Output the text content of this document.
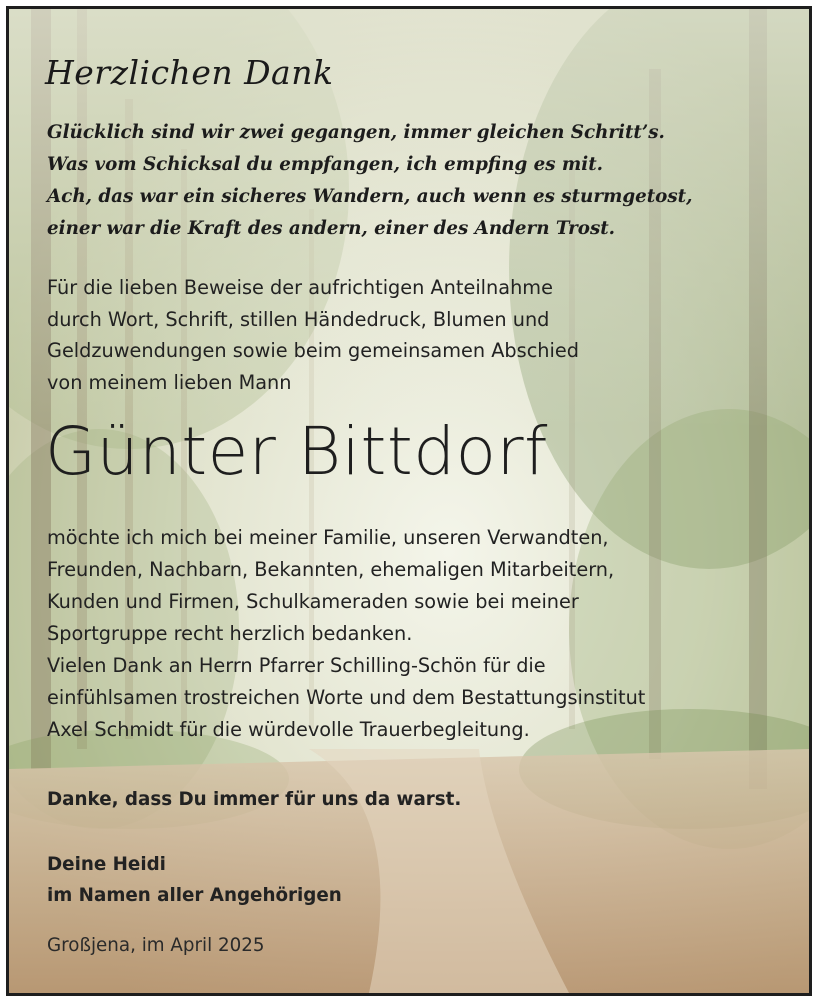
Herzlichen Dank
Glücklich sind wir zwei gegangen, immer gleichen Schritt’s.
Was vom Schicksal du empfangen, ich empfing es mit.
Ach, das war ein sicheres Wandern, auch wenn es sturmgetost,
einer war die Kraft des andern, einer des Andern Trost.
Für die lieben Beweise der aufrichtigen Anteilnahme
durch Wort, Schrift, stillen Händedruck, Blumen und
Geldzuwendungen sowie beim gemeinsamen Abschied
von meinem lieben Mann
Günter Bittdorf
möchte ich mich bei meiner Familie, unseren Verwandten,
Freunden, Nachbarn, Bekannten, ehemaligen Mitarbeitern,
Kunden und Firmen, Schulkameraden sowie bei meiner
Sportgruppe recht herzlich bedanken.
Vielen Dank an Herrn Pfarrer Schilling-Schön für die
einfühlsamen trostreichen Worte und dem Bestattungsinstitut
Axel Schmidt für die würdevolle Trauerbegleitung.
Danke, dass Du immer für uns da warst.
Deine Heidi
im Namen aller Angehörigen
Großjena, im April 2025
